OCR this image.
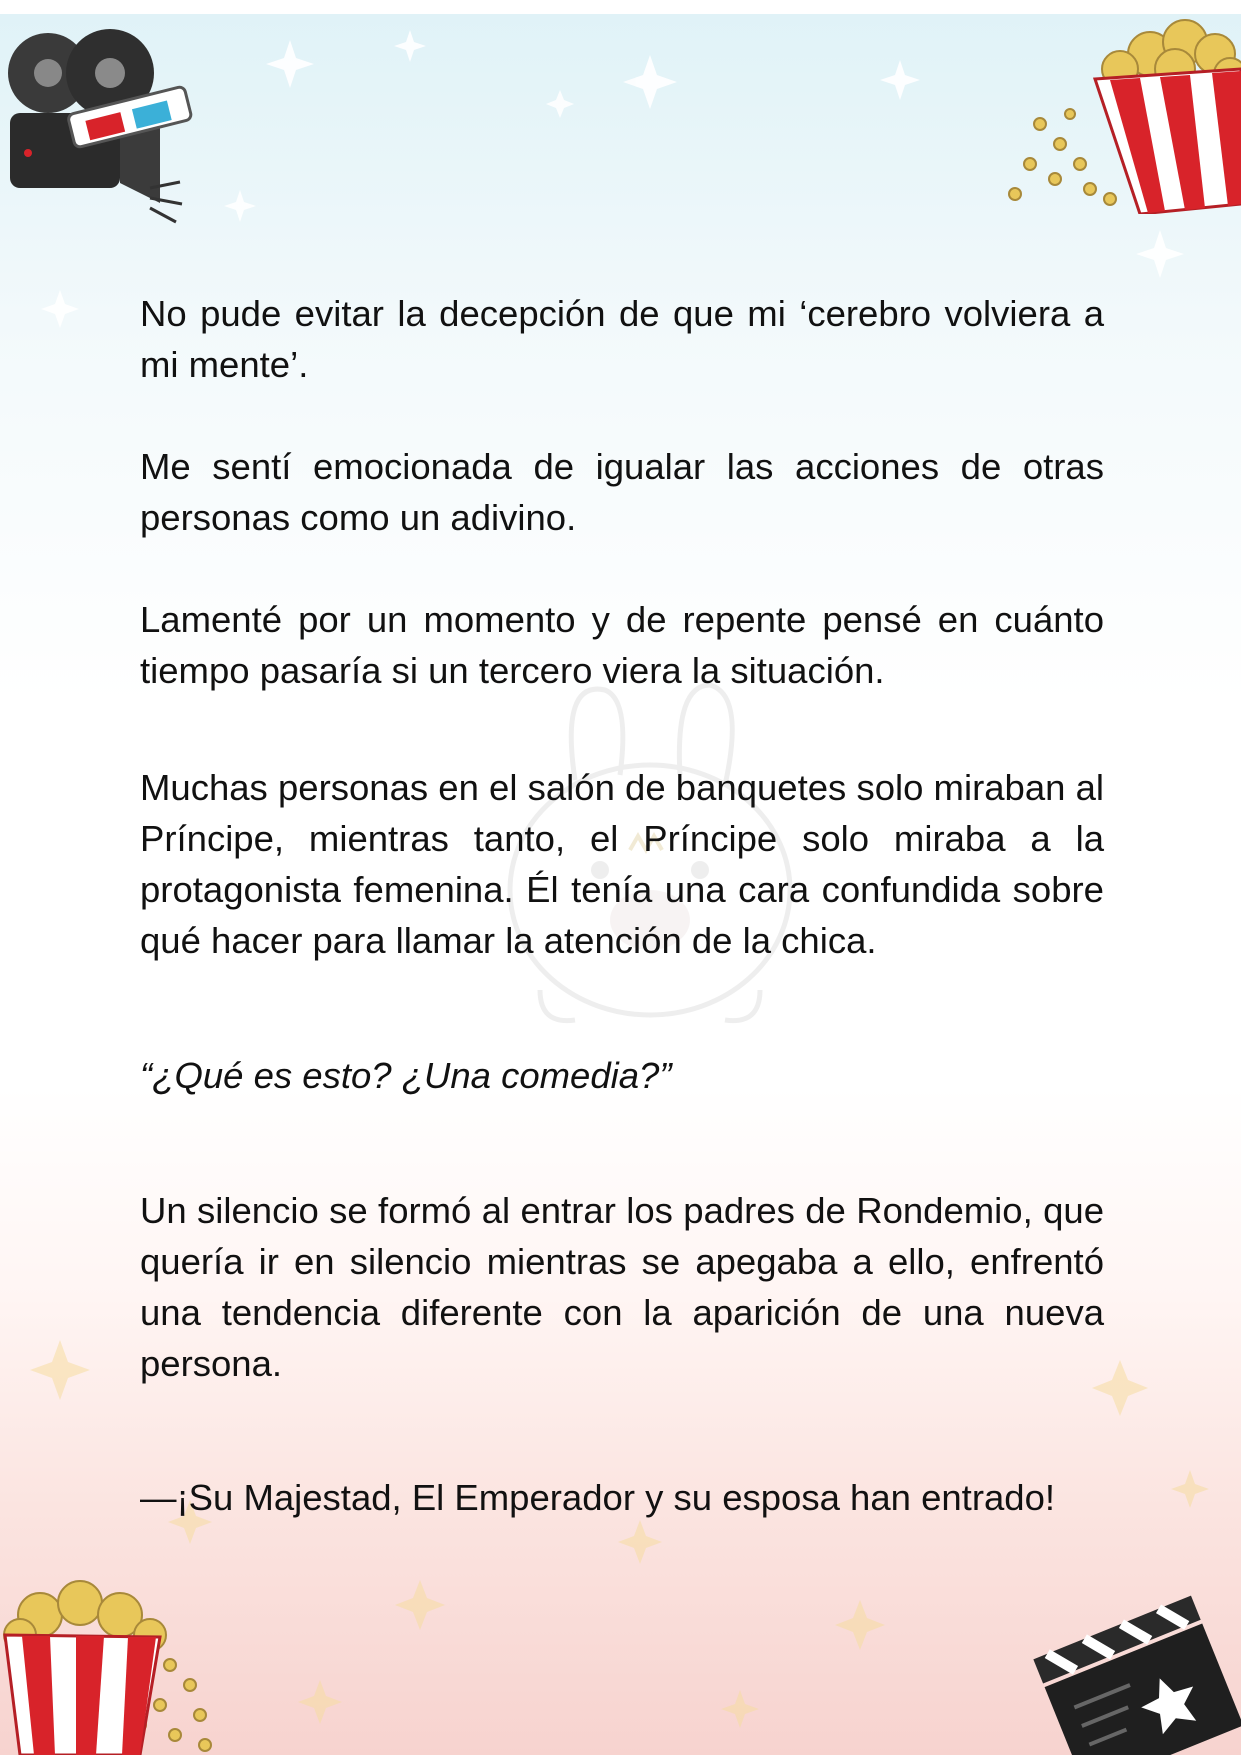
No pude evitar la decepción de que mi ‘cerebro volviera a mi mente’.

Me sentí emocionada de igualar las acciones de otras personas como un adivino.

Lamenté por un momento y de repente pensé en cuánto tiempo pasaría si un tercero viera la situación.

Muchas personas en el salón de banquetes solo miraban al Príncipe, mientras tanto, el Príncipe solo miraba a la protagonista femenina. Él tenía una cara confundida sobre qué hacer para llamar la atención de la chica.

“¿Qué es esto? ¿Una comedia?”

Un silencio se formó al entrar los padres de Rondemio, que quería ir en silencio mientras se apegaba a ello, enfrentó una tendencia diferente con la aparición de una nueva persona.

—¡Su Majestad, El Emperador y su esposa han entrado!
